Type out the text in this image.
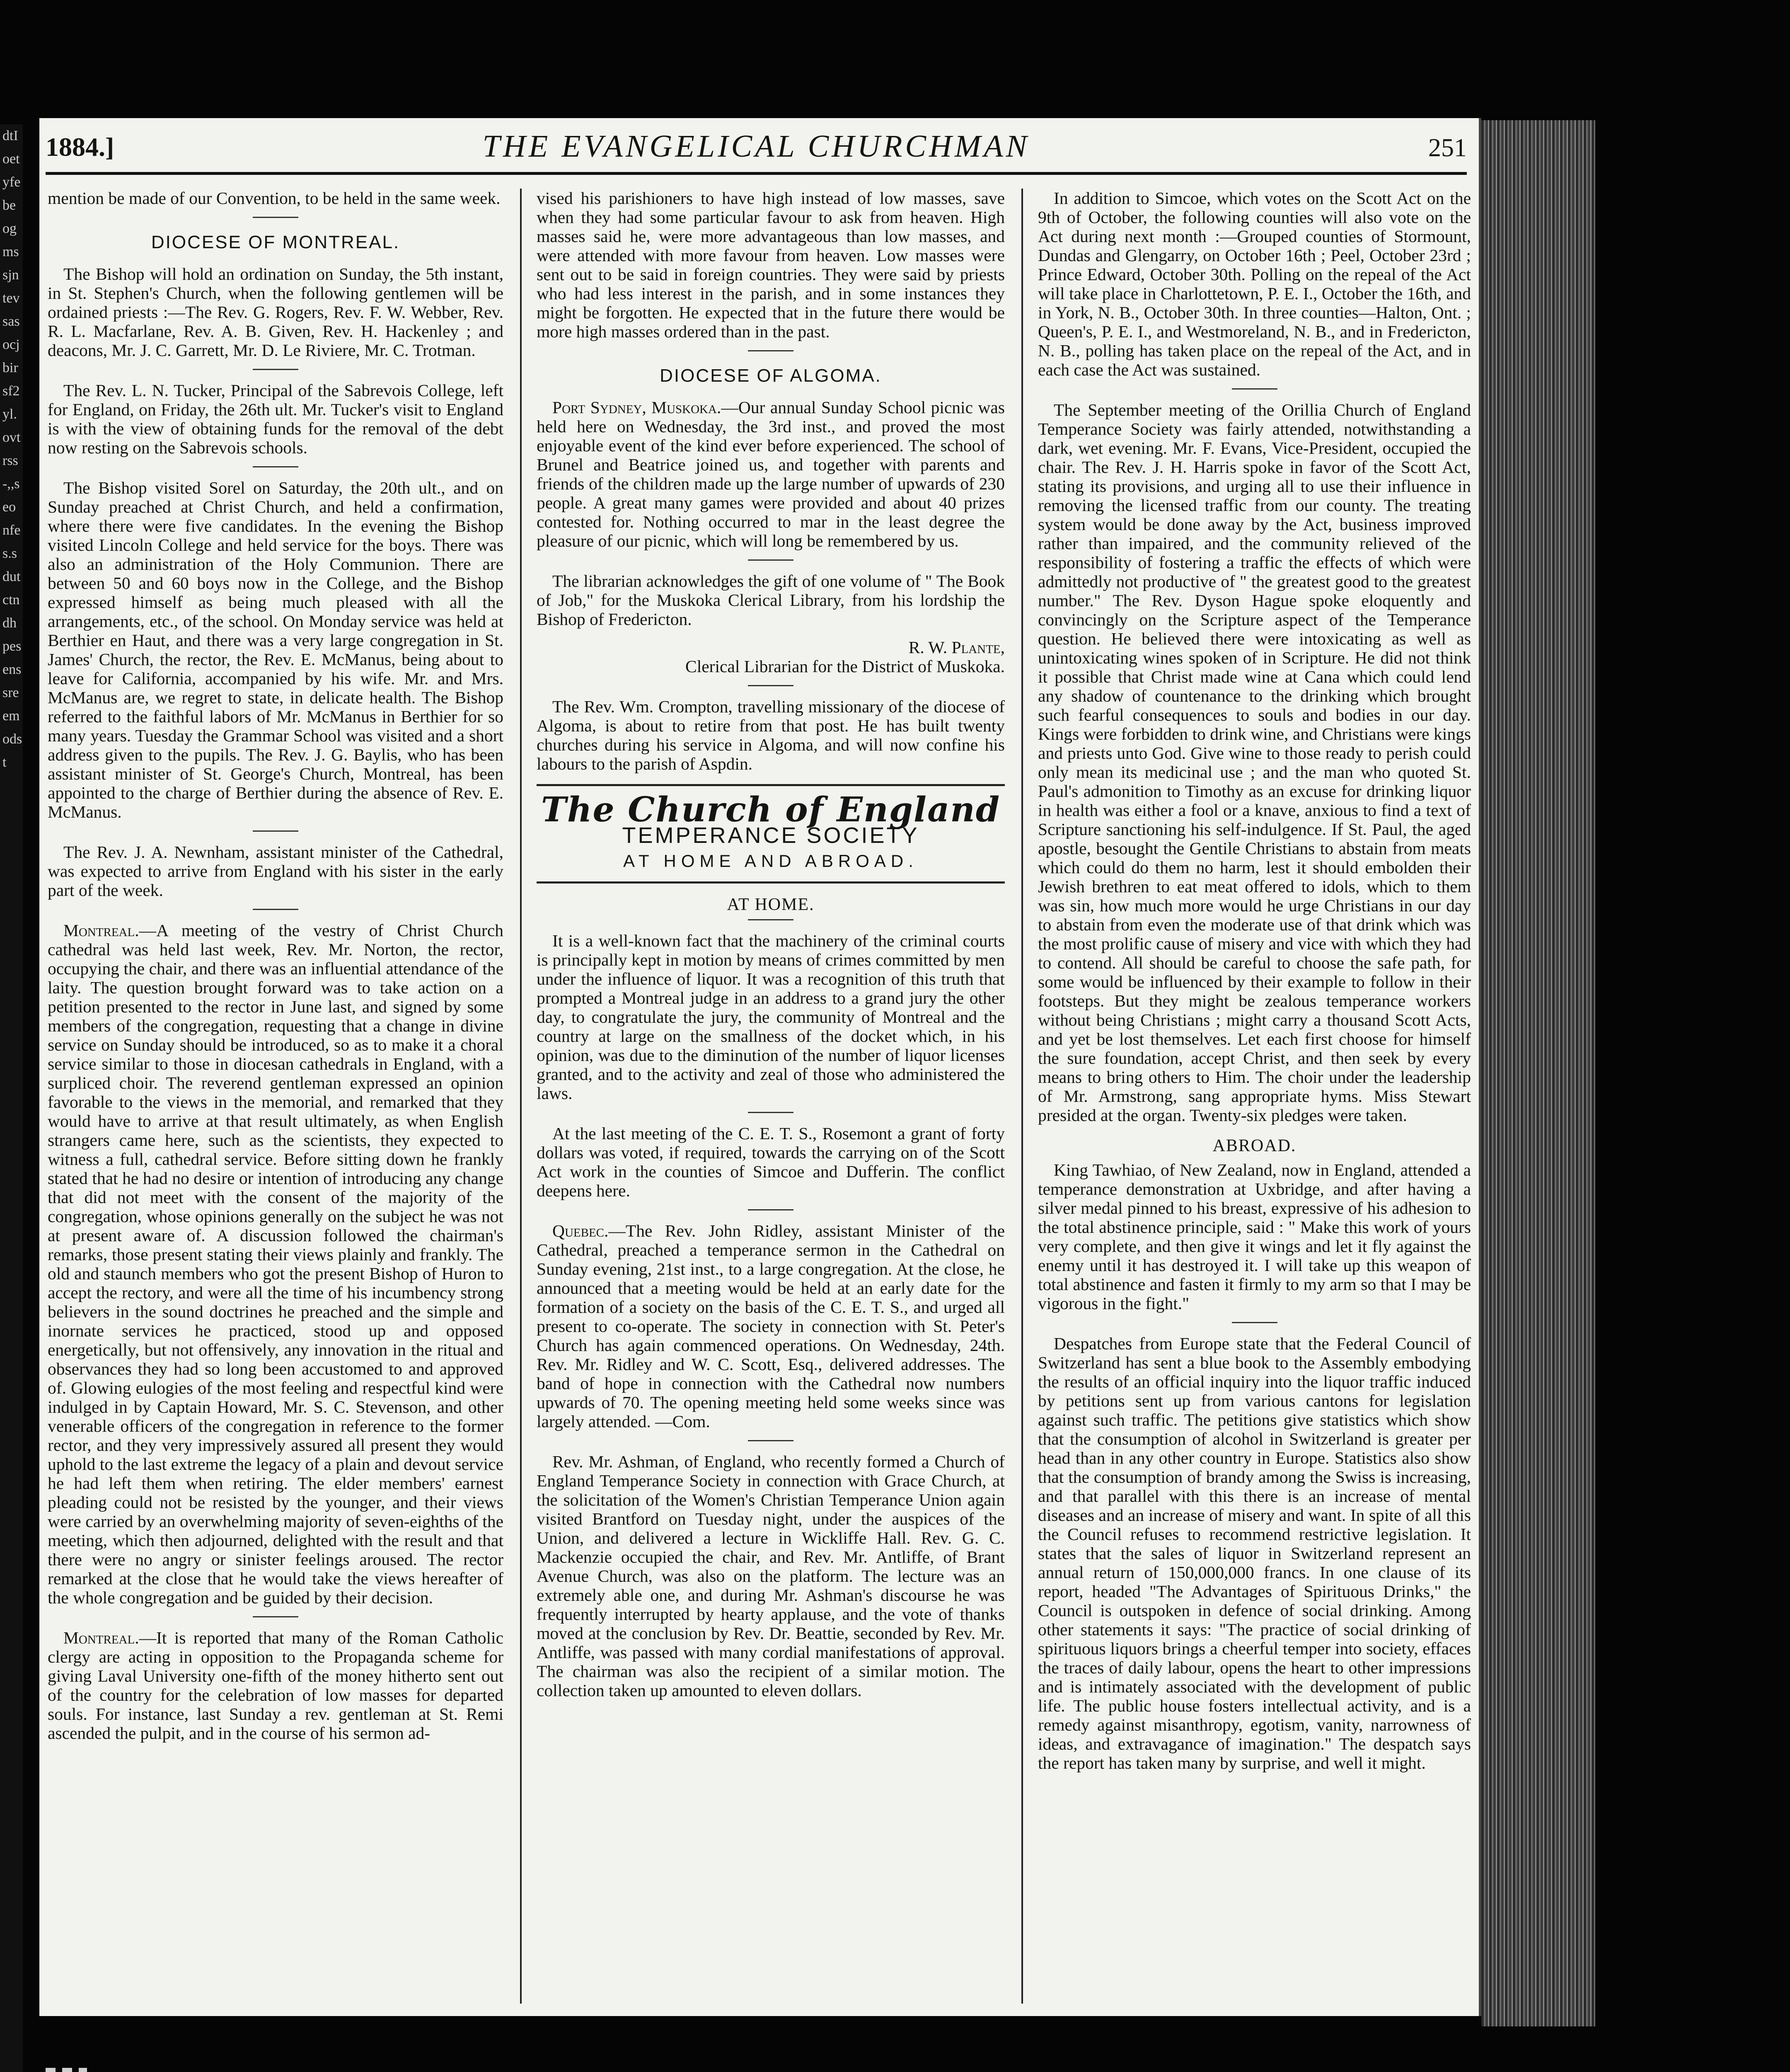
dtIoetyfebeogmssjntevsasocjbirsf2yl.ovtrss-,,seonfes.sdutctndhpesenssreemodst
1884.]	THE EVANGELICAL CHURCHMAN	251

mention be made of our Convention, to be held in the same week.

DIOCESE OF MONTREAL.

The Bishop will hold an ordination on Sunday, the 5th instant, in St. Stephen's Church, when the following gentlemen will be ordained priests :—The Rev. G. Rogers, Rev. F. W. Webber, Rev. R. L. Macfarlane, Rev. A. B. Given, Rev. H. Hackenley ; and deacons, Mr. J. C. Garrett, Mr. D. Le Riviere, Mr. C. Trotman.

The Rev. L. N. Tucker, Principal of the Sabrevois College, left for England, on Friday, the 26th ult. Mr. Tucker's visit to England is with the view of obtaining funds for the removal of the debt now resting on the Sabrevois schools.

The Bishop visited Sorel on Saturday, the 20th ult., and on Sunday preached at Christ Church, and held a confirmation, where there were five candidates. In the evening the Bishop visited Lincoln College and held service for the boys. There was also an administration of the Holy Communion. There are between 50 and 60 boys now in the College, and the Bishop expressed himself as being much pleased with all the arrangements, etc., of the school. On Monday service was held at Berthier en Haut, and there was a very large congregation in St. James' Church, the rector, the Rev. E. McManus, being about to leave for California, accompanied by his wife. Mr. and Mrs. McManus are, we regret to state, in delicate health. The Bishop referred to the faithful labors of Mr. McManus in Berthier for so many years. Tuesday the Grammar School was visited and a short address given to the pupils. The Rev. J. G. Baylis, who has been assistant minister of St. George's Church, Montreal, has been appointed to the charge of Berthier during the absence of Rev. E. McManus.

The Rev. J. A. Newnham, assistant minister of the Cathedral, was expected to arrive from England with his sister in the early part of the week.

Montreal.—A meeting of the vestry of Christ Church cathedral was held last week, Rev. Mr. Norton, the rector, occupying the chair, and there was an influential attendance of the laity. The question brought forward was to take action on a petition presented to the rector in June last, and signed by some members of the congregation, requesting that a change in divine service on Sunday should be introduced, so as to make it a choral service similar to those in diocesan cathedrals in England, with a surpliced choir. The reverend gentleman expressed an opinion favorable to the views in the memorial, and remarked that they would have to arrive at that result ultimately, as when English strangers came here, such as the scientists, they expected to witness a full, cathedral service. Before sitting down he frankly stated that he had no desire or intention of introducing any change that did not meet with the consent of the majority of the congregation, whose opinions generally on the subject he was not at present aware of. A discussion followed the chairman's remarks, those present stating their views plainly and frankly. The old and staunch members who got the present Bishop of Huron to accept the rectory, and were all the time of his incumbency strong believers in the sound doctrines he preached and the simple and inornate services he practiced, stood up and opposed energetically, but not offensively, any innovation in the ritual and observances they had so long been accustomed to and approved of. Glowing eulogies of the most feeling and respectful kind were indulged in by Captain Howard, Mr. S. C. Stevenson, and other venerable officers of the congregation in reference to the former rector, and they very impressively assured all present they would uphold to the last extreme the legacy of a plain and devout service he had left them when retiring. The elder members' earnest pleading could not be resisted by the younger, and their views were carried by an overwhelming majority of seven-eighths of the meeting, which then adjourned, delighted with the result and that there were no angry or sinister feelings aroused. The rector remarked at the close that he would take the views hereafter of the whole congregation and be guided by their decision.

Montreal.—It is reported that many of the Roman Catholic clergy are acting in opposition to the Propaganda scheme for giving Laval University one-fifth of the money hitherto sent out of the country for the celebration of low masses for departed souls. For instance, last Sunday a rev. gentleman at St. Remi ascended the pulpit, and in the course of his sermon ad-

vised his parishioners to have high instead of low masses, save when they had some particular favour to ask from heaven. High masses said he, were more advantageous than low masses, and were attended with more favour from heaven. Low masses were sent out to be said in foreign countries. They were said by priests who had less interest in the parish, and in some instances they might be forgotten. He expected that in the future there would be more high masses ordered than in the past.

DIOCESE OF ALGOMA.

Port Sydney, Muskoka.—Our annual Sunday School picnic was held here on Wednesday, the 3rd inst., and proved the most enjoyable event of the kind ever before experienced. The school of Brunel and Beatrice joined us, and together with parents and friends of the children made up the large number of upwards of 230 people. A great many games were provided and about 40 prizes contested for. Nothing occurred to mar in the least degree the pleasure of our picnic, which will long be remembered by us.

The librarian acknowledges the gift of one volume of " The Book of Job," for the Muskoka Clerical Library, from his lordship the Bishop of Fredericton.

R. W. Plante,

Clerical Librarian for the District of Muskoka.

The Rev. Wm. Crompton, travelling missionary of the diocese of Algoma, is about to retire from that post. He has built twenty churches during his service in Algoma, and will now confine his labours to the parish of Aspdin.

The Church of England
TEMPERANCE SOCIETY
AT HOME AND ABROAD.
AT HOME.

It is a well-known fact that the machinery of the criminal courts is principally kept in motion by means of crimes committed by men under the influence of liquor. It was a recognition of this truth that prompted a Montreal judge in an address to a grand jury the other day, to congratulate the jury, the community of Montreal and the country at large on the smallness of the docket which, in his opinion, was due to the diminution of the number of liquor licenses granted, and to the activity and zeal of those who administered the laws.

At the last meeting of the C. E. T. S., Rosemont a grant of forty dollars was voted, if required, towards the carrying on of the Scott Act work in the counties of Simcoe and Dufferin. The conflict deepens here.

Quebec.—The Rev. John Ridley, assistant Minister of the Cathedral, preached a temperance sermon in the Cathedral on Sunday evening, 21st inst., to a large congregation. At the close, he announced that a meeting would be held at an early date for the formation of a society on the basis of the C. E. T. S., and urged all present to co-operate. The society in connection with St. Peter's Church has again commenced operations. On Wednesday, 24th. Rev. Mr. Ridley and W. C. Scott, Esq., delivered addresses. The band of hope in connection with the Cathedral now numbers upwards of 70. The opening meeting held some weeks since was largely attended. —Com.

Rev. Mr. Ashman, of England, who recently formed a Church of England Temperance Society in connection with Grace Church, at the solicitation of the Women's Christian Temperance Union again visited Brantford on Tuesday night, under the auspices of the Union, and delivered a lecture in Wickliffe Hall. Rev. G. C. Mackenzie occupied the chair, and Rev. Mr. Antliffe, of Brant Avenue Church, was also on the platform. The lecture was an extremely able one, and during Mr. Ashman's discourse he was frequently interrupted by hearty applause, and the vote of thanks moved at the conclusion by Rev. Dr. Beattie, seconded by Rev. Mr. Antliffe, was passed with many cordial manifestations of approval. The chairman was also the recipient of a similar motion. The collection taken up amounted to eleven dollars.

In addition to Simcoe, which votes on the Scott Act on the 9th of October, the following counties will also vote on the Act during next month :—Grouped counties of Stormount, Dundas and Glengarry, on October 16th ; Peel, October 23rd ; Prince Edward, October 30th. Polling on the repeal of the Act will take place in Charlottetown, P. E. I., October the 16th, and in York, N. B., October 30th. In three counties—Halton, Ont. ; Queen's, P. E. I., and Westmoreland, N. B., and in Fredericton, N. B., polling has taken place on the repeal of the Act, and in each case the Act was sustained.

The September meeting of the Orillia Church of England Temperance Society was fairly attended, notwithstanding a dark, wet evening. Mr. F. Evans, Vice-President, occupied the chair. The Rev. J. H. Harris spoke in favor of the Scott Act, stating its provisions, and urging all to use their influence in removing the licensed traffic from our county. The treating system would be done away by the Act, business improved rather than impaired, and the community relieved of the responsibility of fostering a traffic the effects of which were admittedly not productive of " the greatest good to the greatest number." The Rev. Dyson Hague spoke eloquently and convincingly on the Scripture aspect of the Temperance question. He believed there were intoxicating as well as unintoxicating wines spoken of in Scripture. He did not think it possible that Christ made wine at Cana which could lend any shadow of countenance to the drinking which brought such fearful consequences to souls and bodies in our day. Kings were forbidden to drink wine, and Christians were kings and priests unto God. Give wine to those ready to perish could only mean its medicinal use ; and the man who quoted St. Paul's admonition to Timothy as an excuse for drinking liquor in health was either a fool or a knave, anxious to find a text of Scripture sanctioning his self-indulgence. If St. Paul, the aged apostle, besought the Gentile Christians to abstain from meats which could do them no harm, lest it should embolden their Jewish brethren to eat meat offered to idols, which to them was sin, how much more would he urge Christians in our day to abstain from even the moderate use of that drink which was the most prolific cause of misery and vice with which they had to contend. All should be careful to choose the safe path, for some would be influenced by their example to follow in their footsteps. But they might be zealous temperance workers without being Christians ; might carry a thousand Scott Acts, and yet be lost themselves. Let each first choose for himself the sure foundation, accept Christ, and then seek by every means to bring others to Him. The choir under the leadership of Mr. Armstrong, sang appropriate hyms. Miss Stewart presided at the organ. Twenty-six pledges were taken.

ABROAD.

King Tawhiao, of New Zealand, now in England, attended a temperance demonstration at Uxbridge, and after having a silver medal pinned to his breast, expressive of his adhesion to the total abstinence principle, said : " Make this work of yours very complete, and then give it wings and let it fly against the enemy until it has destroyed it. I will take up this weapon of total abstinence and fasten it firmly to my arm so that I may be vigorous in the fight."

Despatches from Europe state that the Federal Council of Switzerland has sent a blue book to the Assembly embodying the results of an official inquiry into the liquor traffic induced by petitions sent up from various cantons for legislation against such traffic. The petitions give statistics which show that the consumption of alcohol in Switzerland is greater per head than in any other country in Europe. Statistics also show that the consumption of brandy among the Swiss is increasing, and that parallel with this there is an increase of mental diseases and an increase of misery and want. In spite of all this the Council refuses to recommend restrictive legislation. It states that the sales of liquor in Switzerland represent an annual return of 150,000,000 francs. In one clause of its report, headed "The Advantages of Spirituous Drinks," the Council is outspoken in defence of social drinking. Among other statements it says: "The practice of social drinking of spirituous liquors brings a cheerful temper into society, effaces the traces of daily labour, opens the heart to other impressions and is intimately associated with the development of public life. The public house fosters intellectual activity, and is a remedy against misanthropy, egotism, vanity, narrowness of ideas, and extravagance of imagination." The despatch says the report has taken many by surprise, and well it might.
